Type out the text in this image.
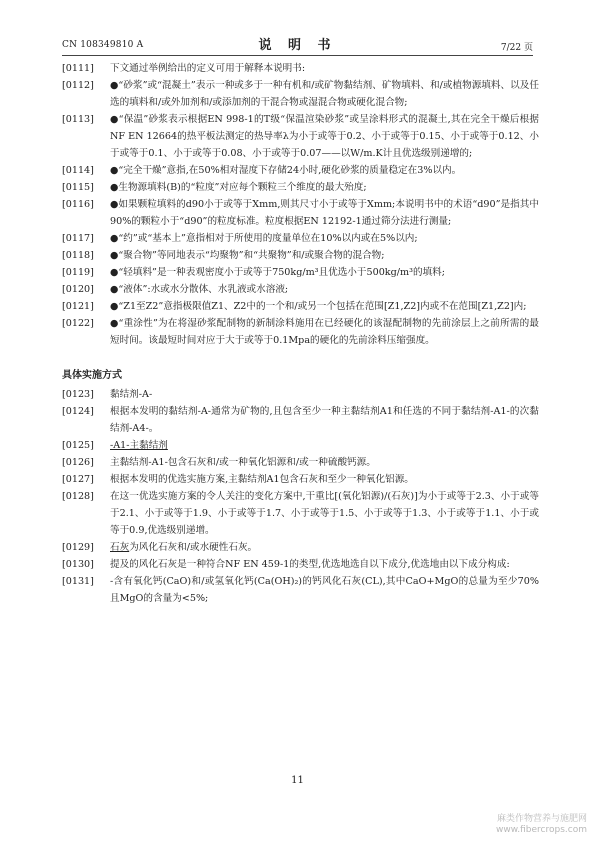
CN 108349810 A	说 明 书	7/22 页
[0111]	下文通过举例给出的定义可用于解释本说明书:
[0112]	●“砂浆”或“混凝土”表示一种或多于一种有机和/或矿物黏结剂、矿物填料、和/或植物源填料、以及任选的填料和/或外加剂和/或添加剂的干混合物或湿混合物或硬化混合物;
[0113]	●“保温”砂浆表示根据EN 998-1的T级“保温渲染砂浆”或呈涂料形式的混凝土,其在完全干燥后根据NF EN 12664的热平板法测定的热导率λ为小于或等于0.2、小于或等于0.15、小于或等于0.12、小于或等于0.1、小于或等于0.08、小于或等于0.07——以W/m.K计且优选级别递增的;
[0114]	●“完全干燥”意指,在50%相对湿度下存储24小时,硬化砂浆的质量稳定在3%以内。
[0115]	●生物源填料(B)的“粒度”对应每个颗粒三个维度的最大殆度;
[0116]	●如果颗粒填料的d90小于或等于Xmm,则其尺寸小于或等于Xmm;本说明书中的术语“d90”是指其中90%的颗粒小于“d90”的粒度标准。粒度根据EN 12192-1通过筛分法进行测量;
[0117]	●“约”或“基本上”意指相对于所使用的度量单位在10%以内或在5%以内;
[0118]	●“聚合物”等同地表示“均聚物”和“共聚物”和/或聚合物的混合物;
[0119]	●“轻填料”是一种表观密度小于或等于750kg/m³且优选小于500kg/m³的填料;
[0120]	●“液体”:水或水分散体、水乳液或水溶液;
[0121]	●“Z1至Z2”意指极限值Z1、Z2中的一个和/或另一个包括在范围[Z1,Z2]内或不在范围[Z1,Z2]内;
[0122]	●“重涂性”为在将湿砂浆配制物的新制涂料施用在已经硬化的该湿配制物的先前涂层上之前所需的最短时间。该最短时间对应于大于或等于0.1Mpa的硬化的先前涂料压缩强度。
具体实施方式
[0123]	黏结剂-A-
[0124]	根据本发明的黏结剂-A-通常为矿物的,且包含至少一种主黏结剂A1和任选的不同于黏结剂-A1-的次黏结剂-A4-。
[0125]	-A1-主黏结剂
[0126]	主黏结剂-A1-包含石灰和/或一种氧化铝源和/或一种硫酸钙源。
[0127]	根据本发明的优选实施方案,主黏结剂A1包含石灰和至少一种氧化铝源。
[0128]	在这一优选实施方案的令人关注的变化方案中,干重比[(氧化铝源)/(石灰)]为小于或等于2.3、小于或等于2.1、小于或等于1.9、小于或等于1.7、小于或等于1.5、小于或等于1.3、小于或等于1.1、小于或等于0.9,优选级别递增。
[0129]	石灰为风化石灰和/或水硬性石灰。
[0130]	提及的风化石灰是一种符合NF EN 459-1的类型,优选地选自以下成分,优选地由以下成分构成:
[0131]	-含有氧化钙(CaO)和/或氢氧化钙(Ca(OH)₂)的钙风化石灰(CL),其中CaO+MgO的总量为至少70%且MgO的含量为<5%;
11
麻类作物营养与施肥网
www.fibercrops.com
